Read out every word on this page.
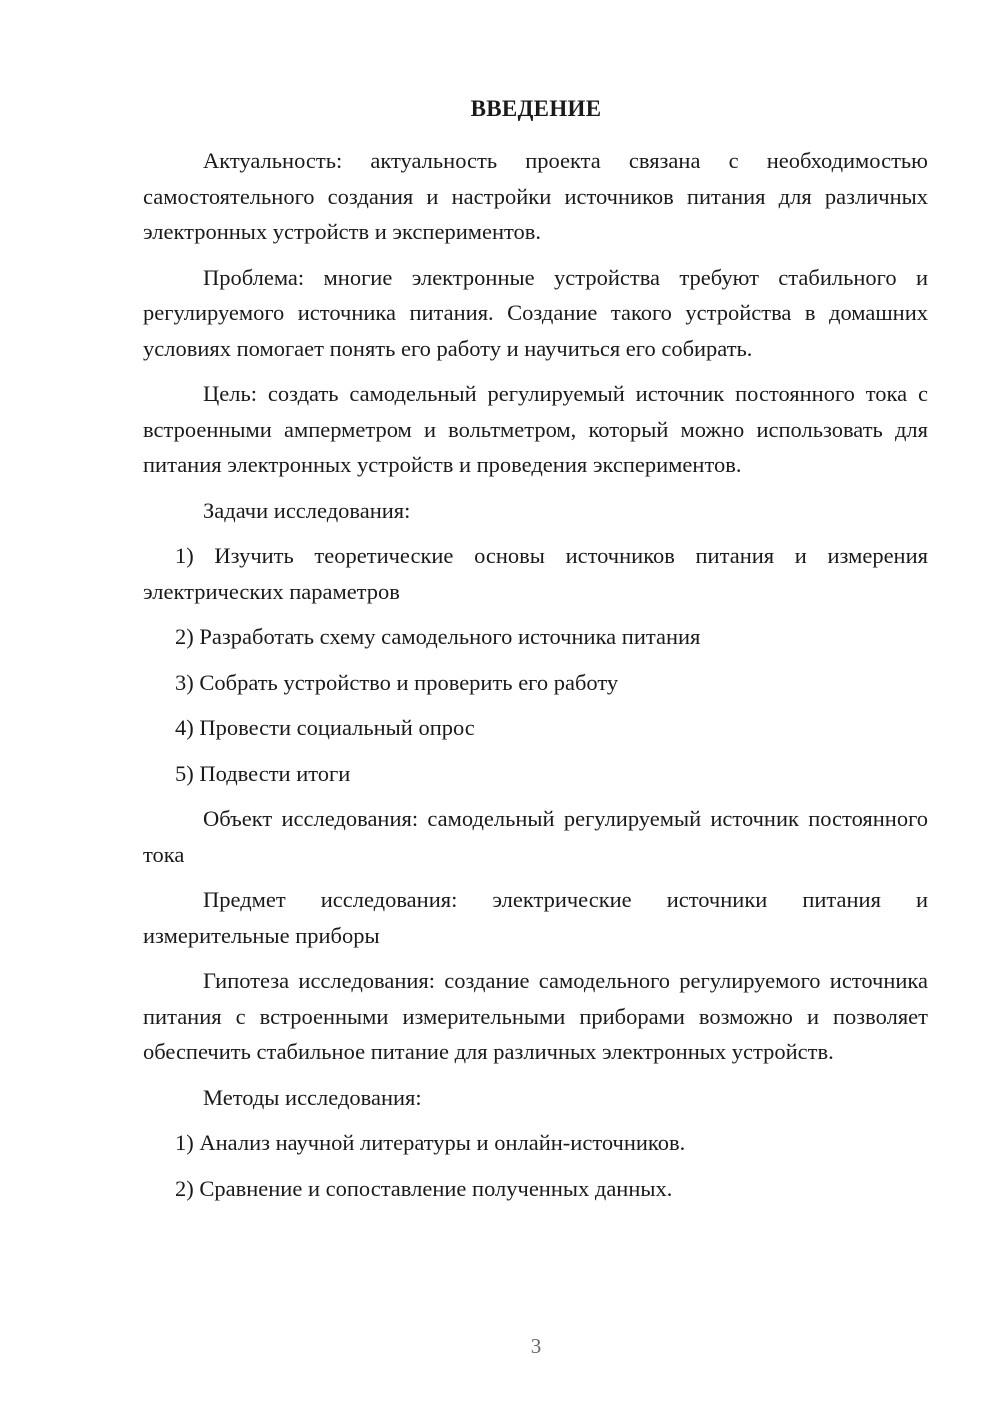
ВВЕДЕНИЕ

Актуальность: актуальность проекта связана с необходимостью самостоятельного создания и настройки источников питания для различных электронных устройств и экспериментов.

Проблема: многие электронные устройства требуют стабильного и регулируемого источника питания. Создание такого устройства в домашних условиях помогает понять его работу и научиться его собирать.

Цель: создать самодельный регулируемый источник постоянного тока с встроенными амперметром и вольтметром, который можно использовать для питания электронных устройств и проведения экспериментов.

Задачи исследования:

1) Изучить теоретические основы источников питания и измерения электрических параметров

2) Разработать схему самодельного источника питания

3) Собрать устройство и проверить его работу

4) Провести социальный опрос

5) Подвести итоги

Объект исследования: самодельный регулируемый источник постоянного тока

Предмет исследования: электрические источники питания и измерительные приборы

Гипотеза исследования: создание самодельного регулируемого источника питания с встроенными измерительными приборами возможно и позволяет обеспечить стабильное питание для различных электронных устройств.

Методы исследования:

1) Анализ научной литературы и онлайн-источников.

2) Сравнение и сопоставление полученных данных.

3
